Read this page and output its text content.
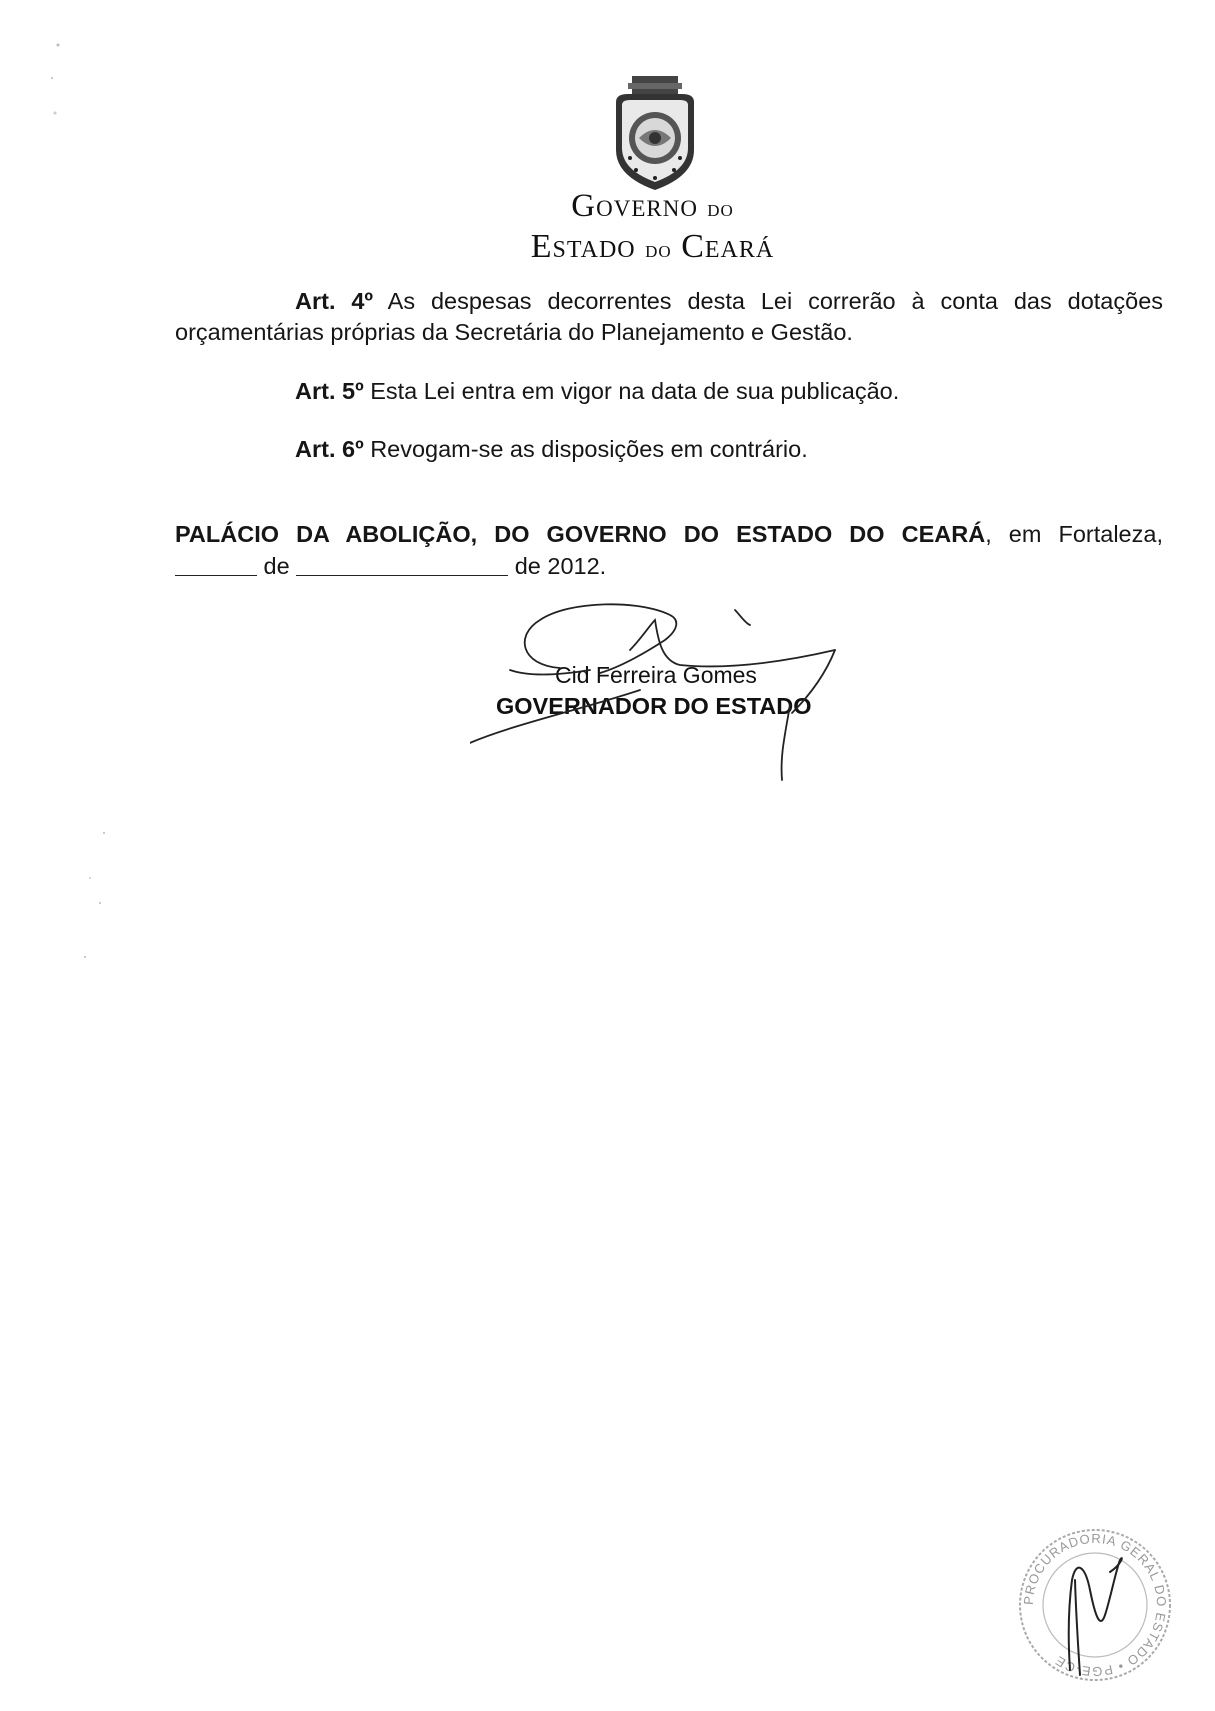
Governo do
Estado do Ceará
Art. 4º As despesas decorrentes desta Lei correrão à conta das dotações
orçamentárias próprias da Secretária do Planejamento e Gestão.
Art. 5º Esta Lei entra em vigor na data de sua publicação.
Art. 6º Revogam-se as disposições em contrário.
PALÁCIO DA ABOLIÇÃO, DO GOVERNO DO ESTADO DO CEARÁ, em Fortaleza,
de	de 2012.
Cid Ferreira Gomes
GOVERNADOR DO ESTADO
PROCURADORIA GERAL DO ESTADO • PGE-CE
